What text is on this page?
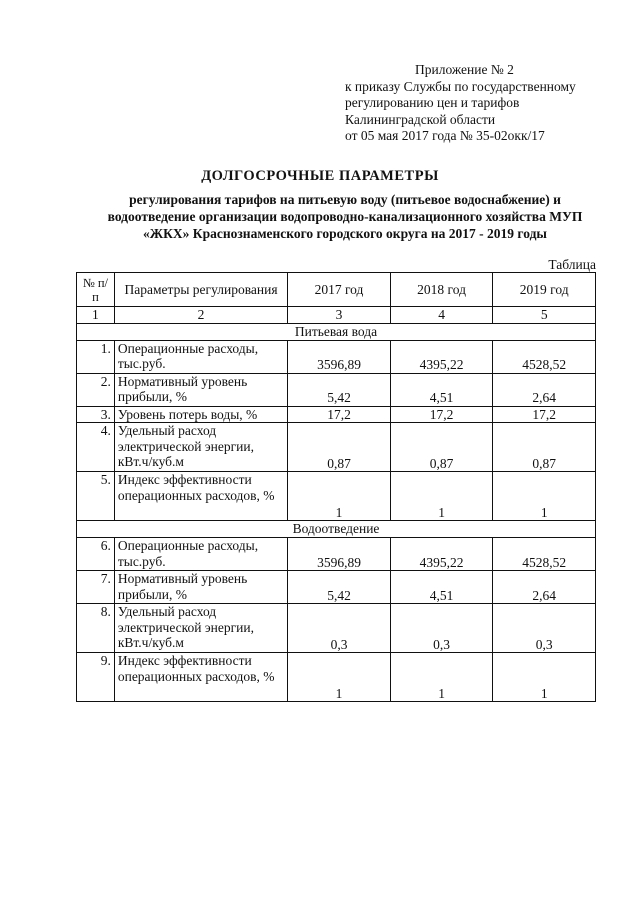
Приложение № 2
к приказу Службы по государственному
регулированию цен и тарифов
Калининградской области
от 05 мая 2017 года № 35-02окк/17
ДОЛГОСРОЧНЫЕ ПАРАМЕТРЫ
регулирования тарифов на питьевую воду (питьевое водоснабжение) и водоотведение организации водопроводно-канализационного хозяйства МУП «ЖКХ» Краснознаменского городского округа на 2017 - 2019 годы
Таблица
№ п/п	Параметры регулирования	2017 год	2018 год	2019 год
1	2	3	4	5
Питьевая вода				
1.	Операционные расходы, тыс.руб.	3596,89	4395,22	4528,52
2.	Нормативный уровень прибыли, %	5,42	4,51	2,64
3.	Уровень потерь воды, %	17,2	17,2	17,2
4.	Удельный расход электрической энергии, кВт.ч/куб.м	0,87	0,87	0,87
5.	Индекс эффективности операционных расходов, %	1	1	1
Водоотведение				
6.	Операционные расходы, тыс.руб.	3596,89	4395,22	4528,52
7.	Нормативный уровень прибыли, %	5,42	4,51	2,64
8.	Удельный расход электрической энергии, кВт.ч/куб.м	0,3	0,3	0,3
9.	Индекс эффективности операционных расходов, %	1	1	1
